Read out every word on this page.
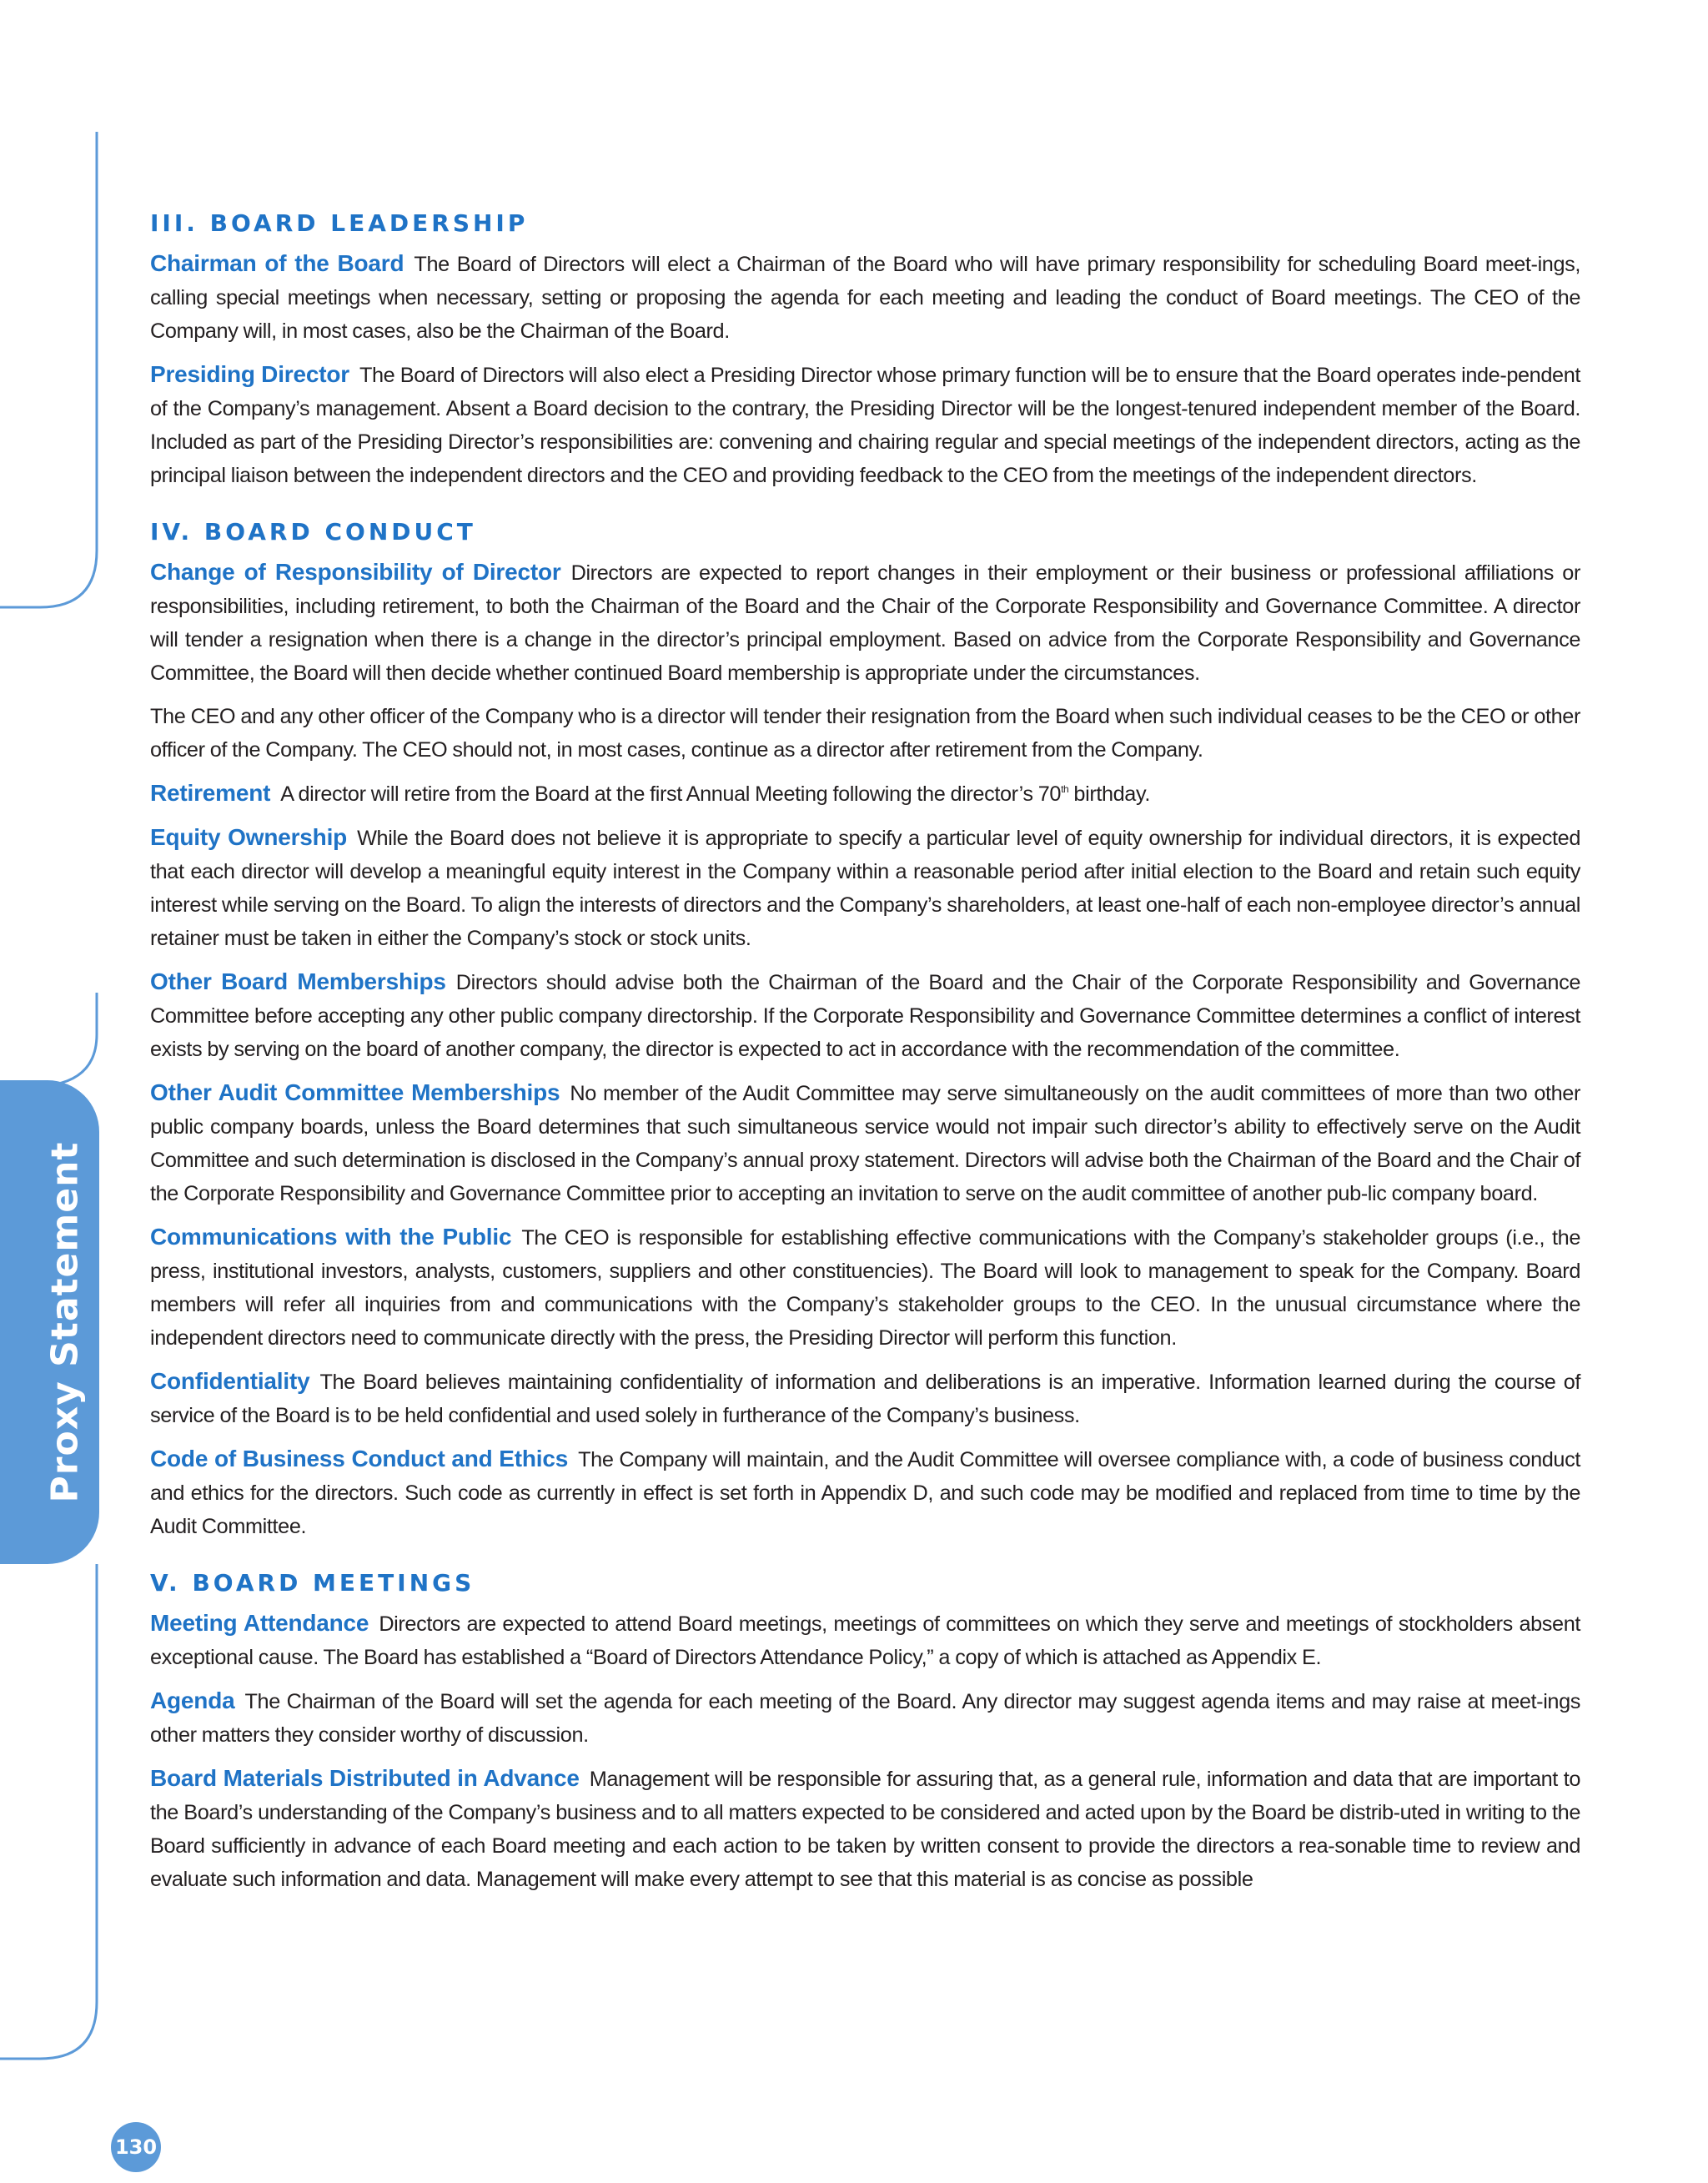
Proxy Statement
130
III. BOARD LEADERSHIP

Chairman of the Board The Board of Directors will elect a Chairman of the Board who will have primary responsibility for scheduling Board meet-ings, calling special meetings when necessary, setting or proposing the agenda for each meeting and leading the conduct of Board meetings. The CEO of the Company will, in most cases, also be the Chairman of the Board.

Presiding Director The Board of Directors will also elect a Presiding Director whose primary function will be to ensure that the Board operates inde-pendent of the Company’s management. Absent a Board decision to the contrary, the Presiding Director will be the longest-tenured independent member of the Board. Included as part of the Presiding Director’s responsibilities are: convening and chairing regular and special meetings of the independent directors, acting as the principal liaison between the independent directors and the CEO and providing feedback to the CEO from the meetings of the independent directors.

IV. BOARD CONDUCT

Change of Responsibility of Director Directors are expected to report changes in their employment or their business or professional affiliations or responsibilities, including retirement, to both the Chairman of the Board and the Chair of the Corporate Responsibility and Governance Committee. A director will tender a resignation when there is a change in the director’s principal employment. Based on advice from the Corporate Responsibility and Governance Committee, the Board will then decide whether continued Board membership is appropriate under the circumstances.

The CEO and any other officer of the Company who is a director will tender their resignation from the Board when such individual ceases to be the CEO or other officer of the Company. The CEO should not, in most cases, continue as a director after retirement from the Company.

Retirement A director will retire from the Board at the first Annual Meeting following the director’s 70th birthday.

Equity Ownership While the Board does not believe it is appropriate to specify a particular level of equity ownership for individual directors, it is expected that each director will develop a meaningful equity interest in the Company within a reasonable period after initial election to the Board and retain such equity interest while serving on the Board. To align the interests of directors and the Company’s shareholders, at least one-half of each non-employee director’s annual retainer must be taken in either the Company’s stock or stock units.

Other Board Memberships Directors should advise both the Chairman of the Board and the Chair of the Corporate Responsibility and Governance Committee before accepting any other public company directorship. If the Corporate Responsibility and Governance Committee determines a conflict of interest exists by serving on the board of another company, the director is expected to act in accordance with the recommendation of the committee.

Other Audit Committee Memberships No member of the Audit Committee may serve simultaneously on the audit committees of more than two other public company boards, unless the Board determines that such simultaneous service would not impair such director’s ability to effectively serve on the Audit Committee and such determination is disclosed in the Company’s annual proxy statement. Directors will advise both the Chairman of the Board and the Chair of the Corporate Responsibility and Governance Committee prior to accepting an invitation to serve on the audit committee of another pub-lic company board.

Communications with the Public The CEO is responsible for establishing effective communications with the Company’s stakeholder groups (i.e., the press, institutional investors, analysts, customers, suppliers and other constituencies). The Board will look to management to speak for the Company. Board members will refer all inquiries from and communications with the Company’s stakeholder groups to the CEO. In the unusual circumstance where the independent directors need to communicate directly with the press, the Presiding Director will perform this function.

Confidentiality The Board believes maintaining confidentiality of information and deliberations is an imperative. Information learned during the course of service of the Board is to be held confidential and used solely in furtherance of the Company’s business.

Code of Business Conduct and Ethics The Company will maintain, and the Audit Committee will oversee compliance with, a code of business conduct and ethics for the directors. Such code as currently in effect is set forth in Appendix D, and such code may be modified and replaced from time to time by the Audit Committee.

V. BOARD MEETINGS

Meeting Attendance Directors are expected to attend Board meetings, meetings of committees on which they serve and meetings of stockholders absent exceptional cause. The Board has established a “Board of Directors Attendance Policy,” a copy of which is attached as Appendix E.

Agenda The Chairman of the Board will set the agenda for each meeting of the Board. Any director may suggest agenda items and may raise at meet-ings other matters they consider worthy of discussion.

Board Materials Distributed in Advance Management will be responsible for assuring that, as a general rule, information and data that are important to the Board’s understanding of the Company’s business and to all matters expected to be considered and acted upon by the Board be distrib-uted in writing to the Board sufficiently in advance of each Board meeting and each action to be taken by written consent to provide the directors a rea-sonable time to review and evaluate such information and data. Management will make every attempt to see that this material is as concise as possible
